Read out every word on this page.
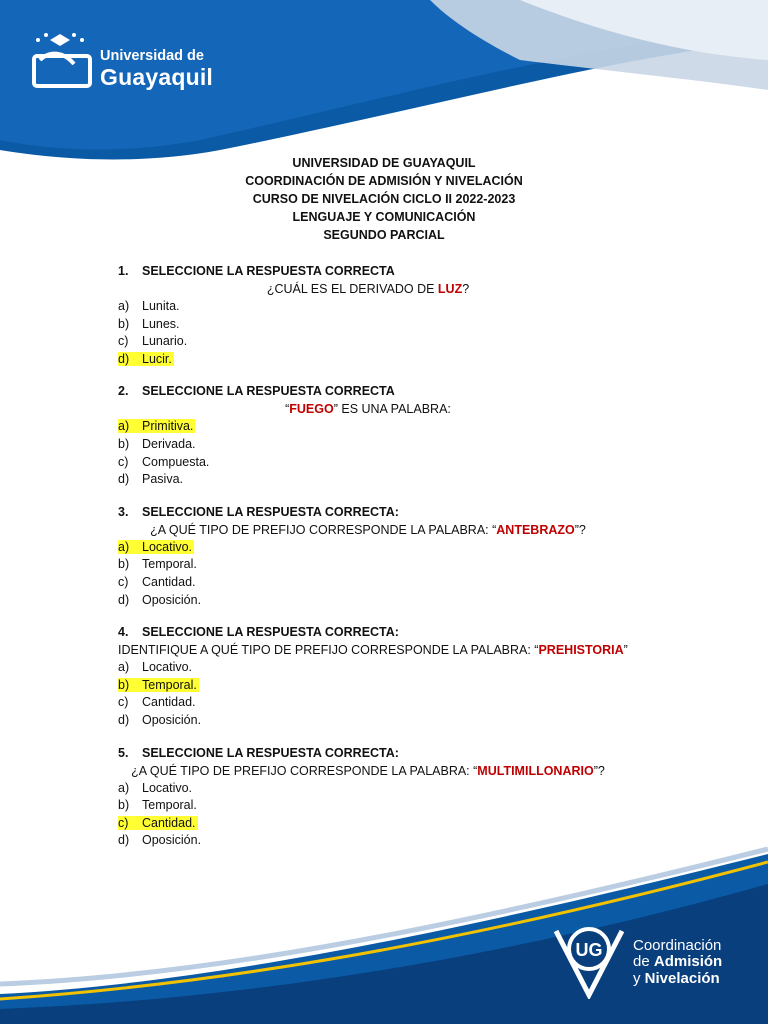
Universidad de
Guayaquil
UNIVERSIDAD DE GUAYAQUIL
COORDINACIÓN DE ADMISIÓN Y NIVELACIÓN
CURSO DE NIVELACIÓN CICLO II 2022-2023
LENGUAJE Y COMUNICACIÓN
SEGUNDO PARCIAL
1. SELECCIONE LA RESPUESTA CORRECTA
¿CUÁL ES EL DERIVADO DE LUZ?
a) Lunita.
b) Lunes.
c) Lunario.
d) Lucir.
2. SELECCIONE LA RESPUESTA CORRECTA
“FUEGO” ES UNA PALABRA:
a) Primitiva.
b) Derivada.
c) Compuesta.
d) Pasiva.
3. SELECCIONE LA RESPUESTA CORRECTA:
¿A QUÉ TIPO DE PREFIJO CORRESPONDE LA PALABRA: “ANTEBRAZO”?
a) Locativo.
b) Temporal.
c) Cantidad.
d) Oposición.
4. SELECCIONE LA RESPUESTA CORRECTA:
IDENTIFIQUE A QUÉ TIPO DE PREFIJO CORRESPONDE LA PALABRA: “PREHISTORIA”
a) Locativo.
b) Temporal.
c) Cantidad.
d) Oposición.
5. SELECCIONE LA RESPUESTA CORRECTA:
¿A QUÉ TIPO DE PREFIJO CORRESPONDE LA PALABRA: “MULTIMILLONARIO”?
a) Locativo.
b) Temporal.
c) Cantidad.
d) Oposición.
UG Coordinación
de Admisión
y Nivelación
